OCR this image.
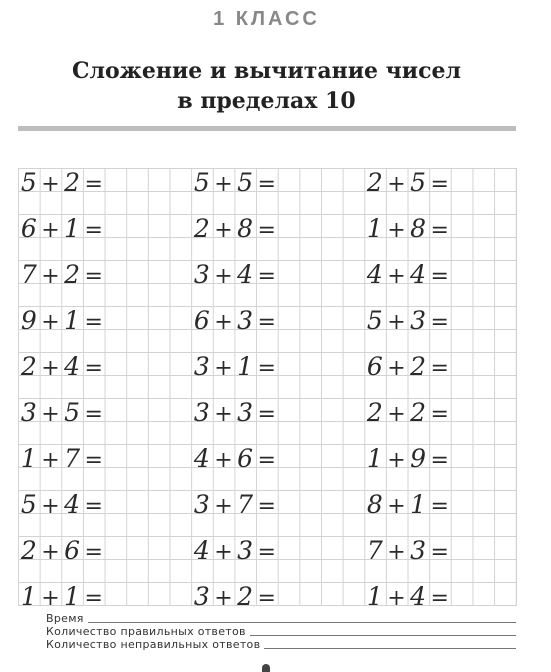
1 КЛАСС
Сложение и вычитание чисел
в пределах 10
5 + 2 =
6 + 1 =
7 + 2 =
9 + 1 =
2 + 4 =
3 + 5 =
1 + 7 =
5 + 4 =
2 + 6 =
1 + 1 =
5 + 5 =
2 + 8 =
3 + 4 =
6 + 3 =
3 + 1 =
3 + 3 =
4 + 6 =
3 + 7 =
4 + 3 =
3 + 2 =
2 + 5 =
1 + 8 =
4 + 4 =
5 + 3 =
6 + 2 =
2 + 2 =
1 + 9 =
8 + 1 =
7 + 3 =
1 + 4 =
Время
Количество правильных ответов
Количество неправильных ответов
